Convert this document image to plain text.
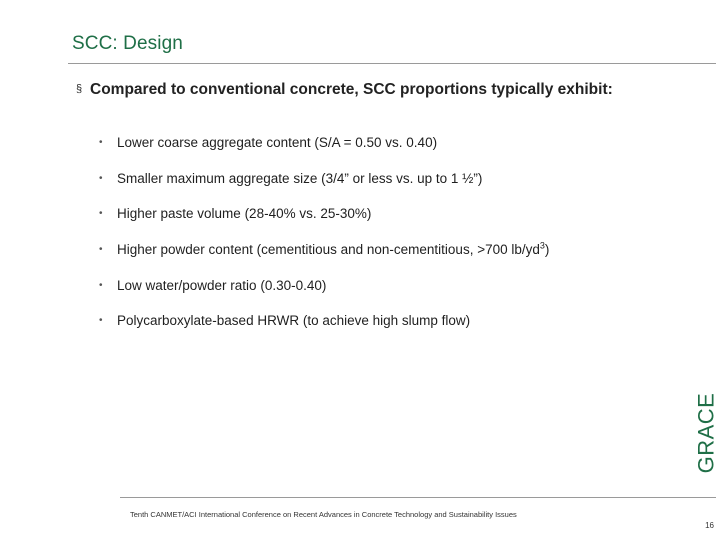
SCC: Design
§ Compared to conventional concrete, SCC proportions typically exhibit:
•	Lower coarse aggregate content (S/A = 0.50 vs. 0.40)
•	Smaller maximum aggregate size (3/4” or less vs. up to 1 ½”)
•	Higher paste volume (28-40% vs. 25-30%)
•	Higher powder content (cementitious and non-cementitious, >700 $lb/yd^3$)
•	Low water/powder ratio (0.30-0.40)
•	Polycarboxylate-based HRWR (to achieve high slump flow)
GRACE
Tenth CANMET/ACI International Conference on Recent Advances in Concrete Technology and Sustainability Issues
16
